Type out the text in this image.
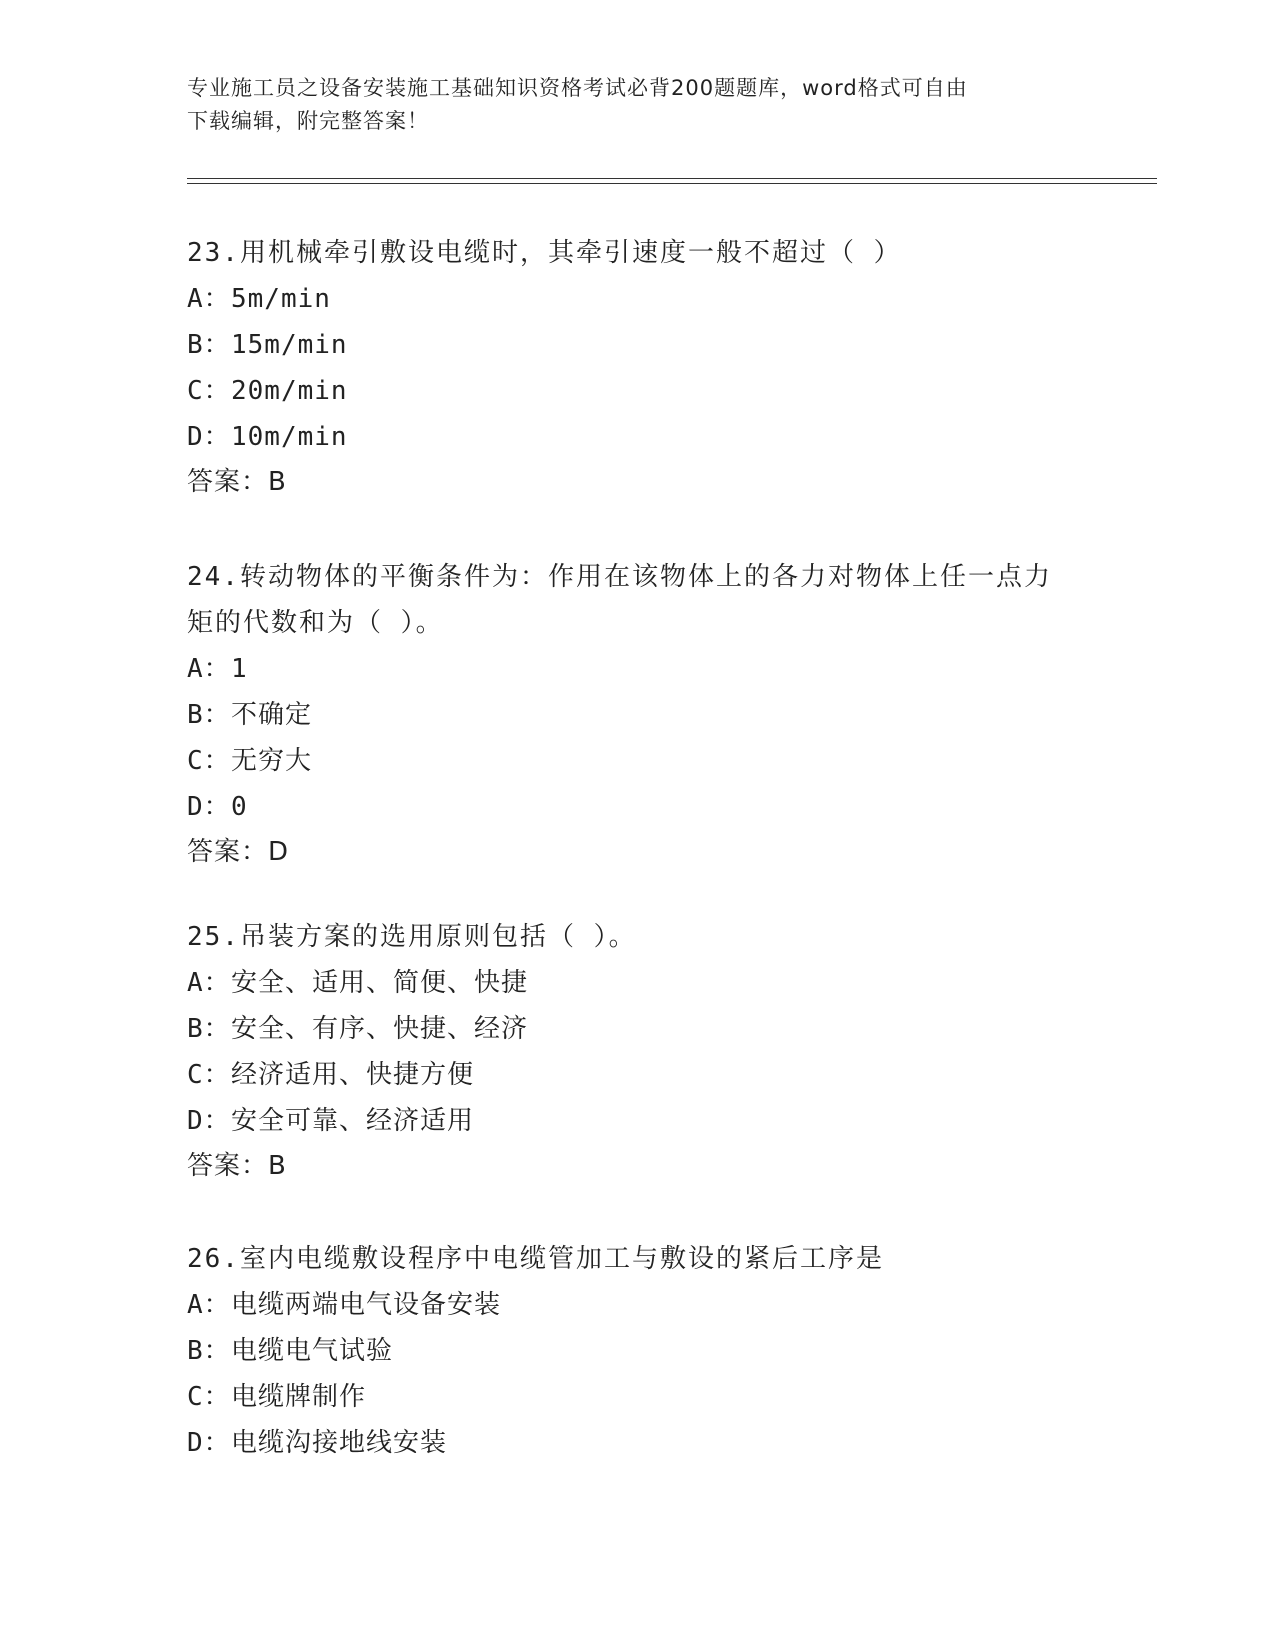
专业施工员之设备安装施工基础知识资格考试必背200题题库，word格式可自由
下载编辑，附完整答案！
23.用机械牵引敷设电缆时，其牵引速度一般不超过（ ）
A：5m/min
B：15m/min
C：20m/min
D：10m/min
答案：B
24.转动物体的平衡条件为：作用在该物体上的各力对物体上任一点力
矩的代数和为（ ）。
A：1
B：不确定
C：无穷大
D：0
答案：D
25.吊装方案的选用原则包括（ ）。
A：安全、适用、简便、快捷
B：安全、有序、快捷、经济
C：经济适用、快捷方便
D：安全可靠、经济适用
答案：B
26.室内电缆敷设程序中电缆管加工与敷设的紧后工序是
A：电缆两端电气设备安装
B：电缆电气试验
C：电缆牌制作
D：电缆沟接地线安装
